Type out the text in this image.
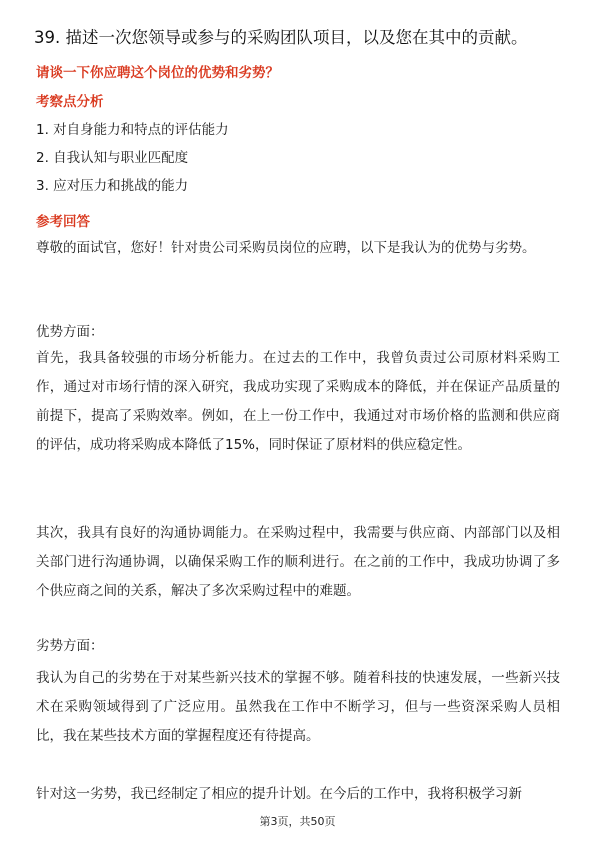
39. 描述一次您领导或参与的采购团队项目，以及您在其中的贡献。
请谈一下你应聘这个岗位的优势和劣势？
考察点分析
1. 对自身能力和特点的评估能力
2. 自我认知与职业匹配度
3. 应对压力和挑战的能力
参考回答
尊敬的面试官，您好！针对贵公司采购员岗位的应聘，以下是我认为的优势与劣势。
优势方面：
首先，我具备较强的市场分析能力。在过去的工作中，我曾负责过公司原材料采购工作，通过对市场行情的深入研究，我成功实现了采购成本的降低，并在保证产品质量的前提下，提高了采购效率。例如，在上一份工作中，我通过对市场价格的监测和供应商的评估，成功将采购成本降低了15%，同时保证了原材料的供应稳定性。
其次，我具有良好的沟通协调能力。在采购过程中，我需要与供应商、内部部门以及相关部门进行沟通协调，以确保采购工作的顺利进行。在之前的工作中，我成功协调了多个供应商之间的关系，解决了多次采购过程中的难题。
劣势方面：
我认为自己的劣势在于对某些新兴技术的掌握不够。随着科技的快速发展，一些新兴技术在采购领域得到了广泛应用。虽然我在工作中不断学习，但与一些资深采购人员相比，我在某些技术方面的掌握程度还有待提高。
针对这一劣势，我已经制定了相应的提升计划。在今后的工作中，我将积极学习新
第3页，共50页
